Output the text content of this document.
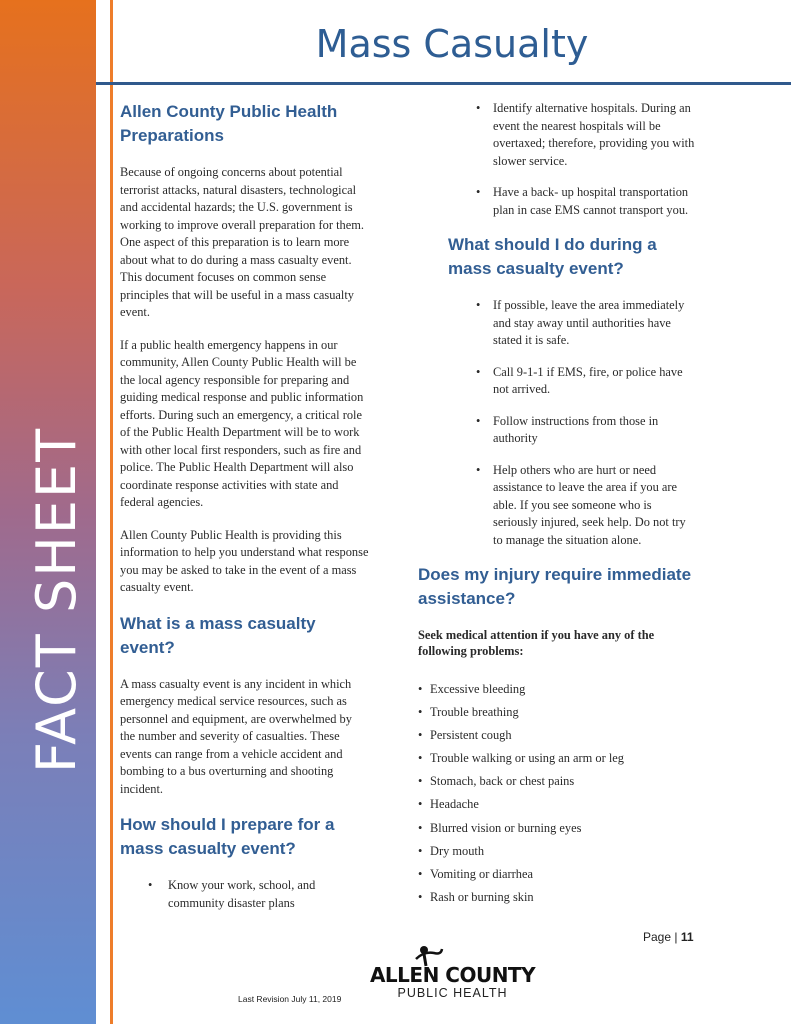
FACT SHEET
Mass Casualty
Allen County Public Health Preparations

Because of ongoing concerns about potential terrorist attacks, natural disasters, technological and accidental hazards; the U.S. government is working to improve overall preparation for them. One aspect of this preparation is to learn more about what to do during a mass casualty event. This document focuses on common sense principles that will be useful in a mass casualty event.

If a public health emergency happens in our community, Allen County Public Health will be the local agency responsible for preparing and guiding medical response and public information efforts. During such an emergency, a critical role of the Public Health Department will be to work with other local first responders, such as fire and police. The Public Health Department will also coordinate response activities with state and federal agencies.

Allen County Public Health is providing this information to help you understand what response you may be asked to take in the event of a mass casualty event.

What is a mass casualty event?

A mass casualty event is any incident in which emergency medical service resources, such as personnel and equipment, are overwhelmed by the number and severity of casualties. These events can range from a vehicle accident and bombing to a bus overturning and shooting incident.

How should I prepare for a mass casualty event?
• Know your work, school, and community disaster plans
• Identify alternative hospitals. During an event the nearest hospitals will be overtaxed; therefore, providing you with slower service.
• Have a back- up hospital transportation plan in case EMS cannot transport you.
What should I do during a mass casualty event?
• If possible, leave the area immediately and stay away until authorities have stated it is safe.
• Call 9-1-1 if EMS, fire, or police have not arrived.
• Follow instructions from those in authority
• Help others who are hurt or need assistance to leave the area if you are able. If you see someone who is seriously injured, seek help. Do not try to manage the situation alone.
Does my injury require immediate assistance?
Seek medical attention if you have any of the following problems:
• Excessive bleeding
• Trouble breathing
• Persistent cough
• Trouble walking or using an arm or leg
• Stomach, back or chest pains
• Headache
• Blurred vision or burning eyes
• Dry mouth
• Vomiting or diarrhea
• Rash or burning skin
Page | 11
ALLEN COUNTY
PUBLIC HEALTH
Last Revision July 11, 2019
